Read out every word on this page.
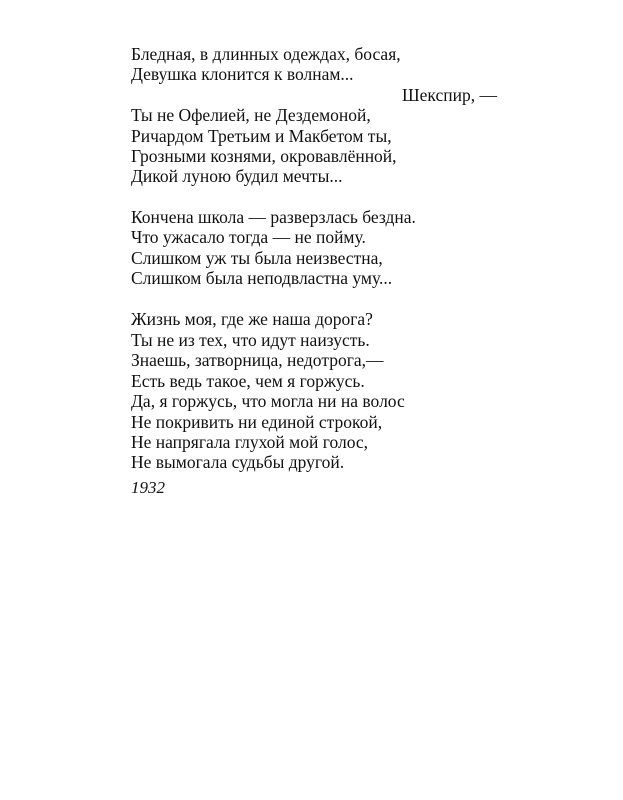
Бледная, в длинных одеждах, босая,
Девушка клонится к волнам...
Шекспир, —
Ты не Офелией, не Дездемоной,
Ричардом Третьим и Макбетом ты,
Грозными кознями, окровавлённой,
Дикой луною будил мечты...
Кончена школа — разверзлась бездна.
Что ужасало тогда — не пойму.
Слишком уж ты была неизвестна,
Слишком была неподвластна уму...
Жизнь моя, где же наша дорога?
Ты не из тех, что идут наизусть.
Знаешь, затворница, недотрога,—
Есть ведь такое, чем я горжусь.
Да, я горжусь, что могла ни на волос
Не покривить ни единой строкой,
Не напрягала глухой мой голос,
Не вымогала судьбы другой.
1932
